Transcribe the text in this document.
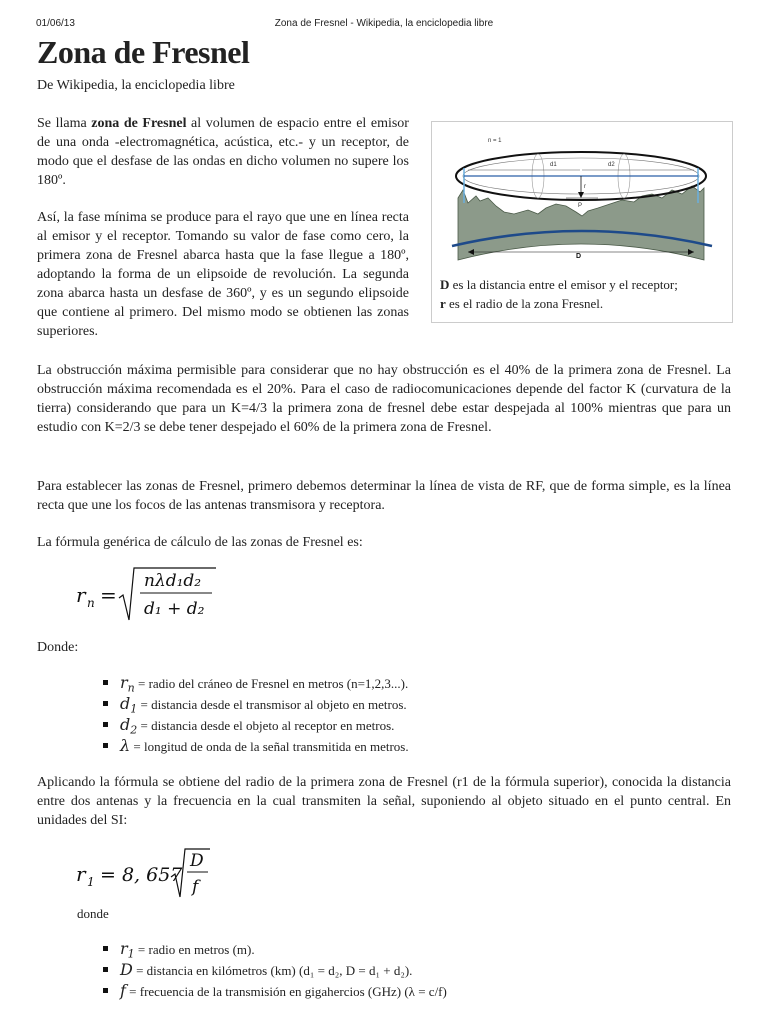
01/06/13	Zona de Fresnel - Wikipedia, la enciclopedia libre
Zona de Fresnel
De Wikipedia, la enciclopedia libre

Se llama zona de Fresnel al volumen de espacio entre el emisor de una onda -electromagnética, acústica, etc.- y un receptor, de modo que el desfase de las ondas en dicho volumen no supere los 180º.

Así, la fase mínima se produce para el rayo que une en línea recta al emisor y el receptor. Tomando su valor de fase como cero, la primera zona de Fresnel abarca hasta que la fase llegue a 180º, adoptando la forma de un elipsoide de revolución. La segunda zona abarca hasta un desfase de 360º, y es un segundo elipsoide que contiene al primero. Del mismo modo se obtienen las zonas superiores.

n = 1
d1	d2
r
P
D
D es la distancia entre el emisor y el receptor;
r es el radio de la zona Fresnel.

La obstrucción máxima permisible para considerar que no hay obstrucción es el 40% de la primera zona de Fresnel. La obstrucción máxima recomendada es el 20%. Para el caso de radiocomunicaciones depende del factor K (curvatura de la tierra) considerando que para un K=4/3 la primera zona de fresnel debe estar despejada al 100% mientras que para un estudio con K=2/3 se debe tener despejado el 60% de la primera zona de Fresnel.

Para establecer las zonas de Fresnel, primero debemos determinar la línea de vista de RF, que de forma simple, es la línea recta que une los focos de las antenas transmisora y receptora.

La fórmula genérica de cálculo de las zonas de Fresnel es:

r n =
nλd₁d₂
d₁ + d₂

Donde:

$r_n$ = radio del cráneo de Fresnel en metros (n=1,2,3...).
$d_1$ = distancia desde el transmisor al objeto en metros.
$d_2$ = distancia desde el objeto al receptor en metros.
λ = longitud de onda de la señal transmitida en metros.

Aplicando la fórmula se obtiene del radio de la primera zona de Fresnel (r1 de la fórmula superior), conocida la distancia entre dos antenas y la frecuencia en la cual transmiten la señal, suponiendo al objeto situado en el punto central. En unidades del SI:

r 1 = 8, 657
D
f

donde

$r_1$ = radio en metros (m).
D = distancia en kilómetros (km) (d₁ = d₂, D = d₁ + d₂).
f = frecuencia de la transmisión en gigahercios (GHz) (λ = c/f)
